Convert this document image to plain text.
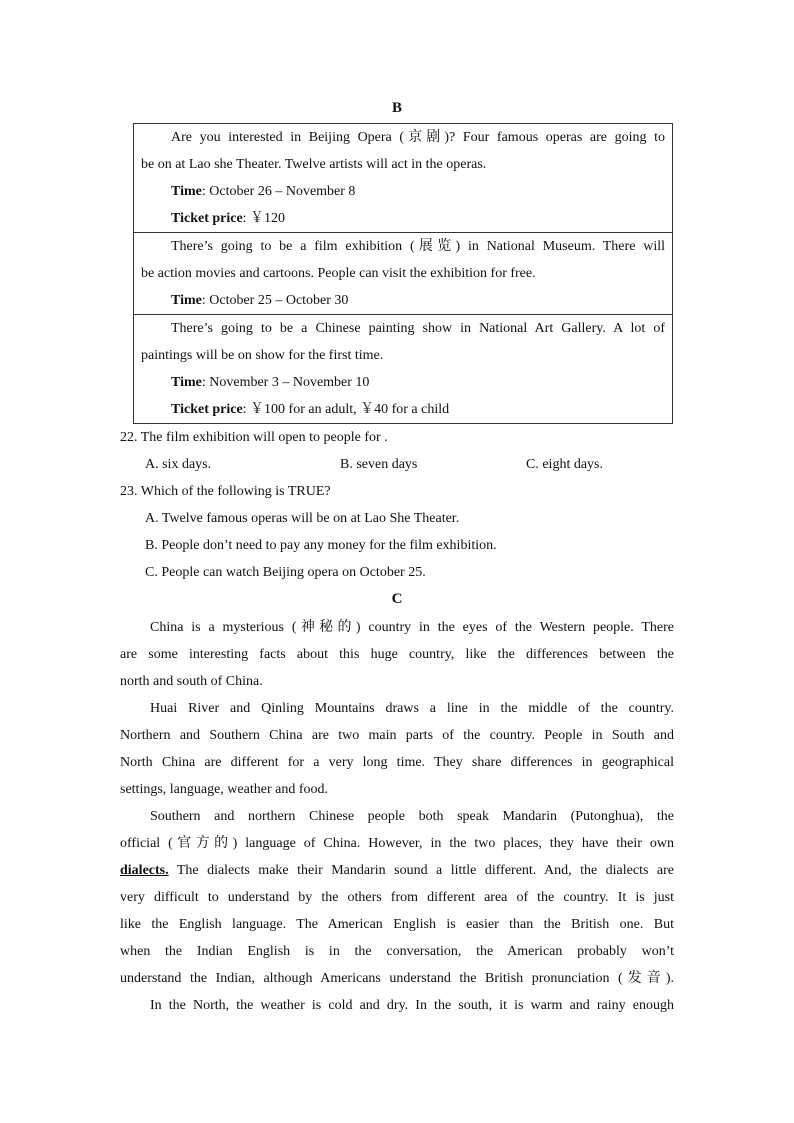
B
Are you interested in Beijing Opera (京剧)? Four famous operas are going to
be on at Lao she Theater. Twelve artists will act in the operas.
Time: October 26 – November 8
Ticket price: ￥120
There’s going to be a film exhibition (展览) in National Museum. There will
be action movies and cartoons. People can visit the exhibition for free.
Time: October 25 – October 30
There’s going to be a Chinese painting show in National Art Gallery. A lot of
paintings will be on show for the first time.
Time: November 3 – November 10
Ticket price: ￥100 for an adult, ￥40 for a child
22. The film exhibition will open to people for .
A. six days.	B. seven days	C. eight days.
23. Which of the following is TRUE?
A. Twelve famous operas will be on at Lao She Theater.
B. People don’t need to pay any money for the film exhibition.
C. People can watch Beijing opera on October 25.
C
China is a mysterious (神秘的) country in the eyes of the Western people. There
are some interesting facts about this huge country, like the differences between the
north and south of China.
Huai River and Qinling Mountains draws a line in the middle of the country.
Northern and Southern China are two main parts of the country. People in South and
North China are different for a very long time. They share differences in geographical
settings, language, weather and food.
Southern and northern Chinese people both speak Mandarin (Putonghua), the
official (官方的) language of China. However, in the two places, they have their own
dialects. The dialects make their Mandarin sound a little different. And, the dialects are
very difficult to understand by the others from different area of the country. It is just
like the English language. The American English is easier than the British one. But
when the Indian English is in the conversation, the American probably won’t
understand the Indian, although Americans understand the British pronunciation (发音).
In the North, the weather is cold and dry. In the south, it is warm and rainy enough
